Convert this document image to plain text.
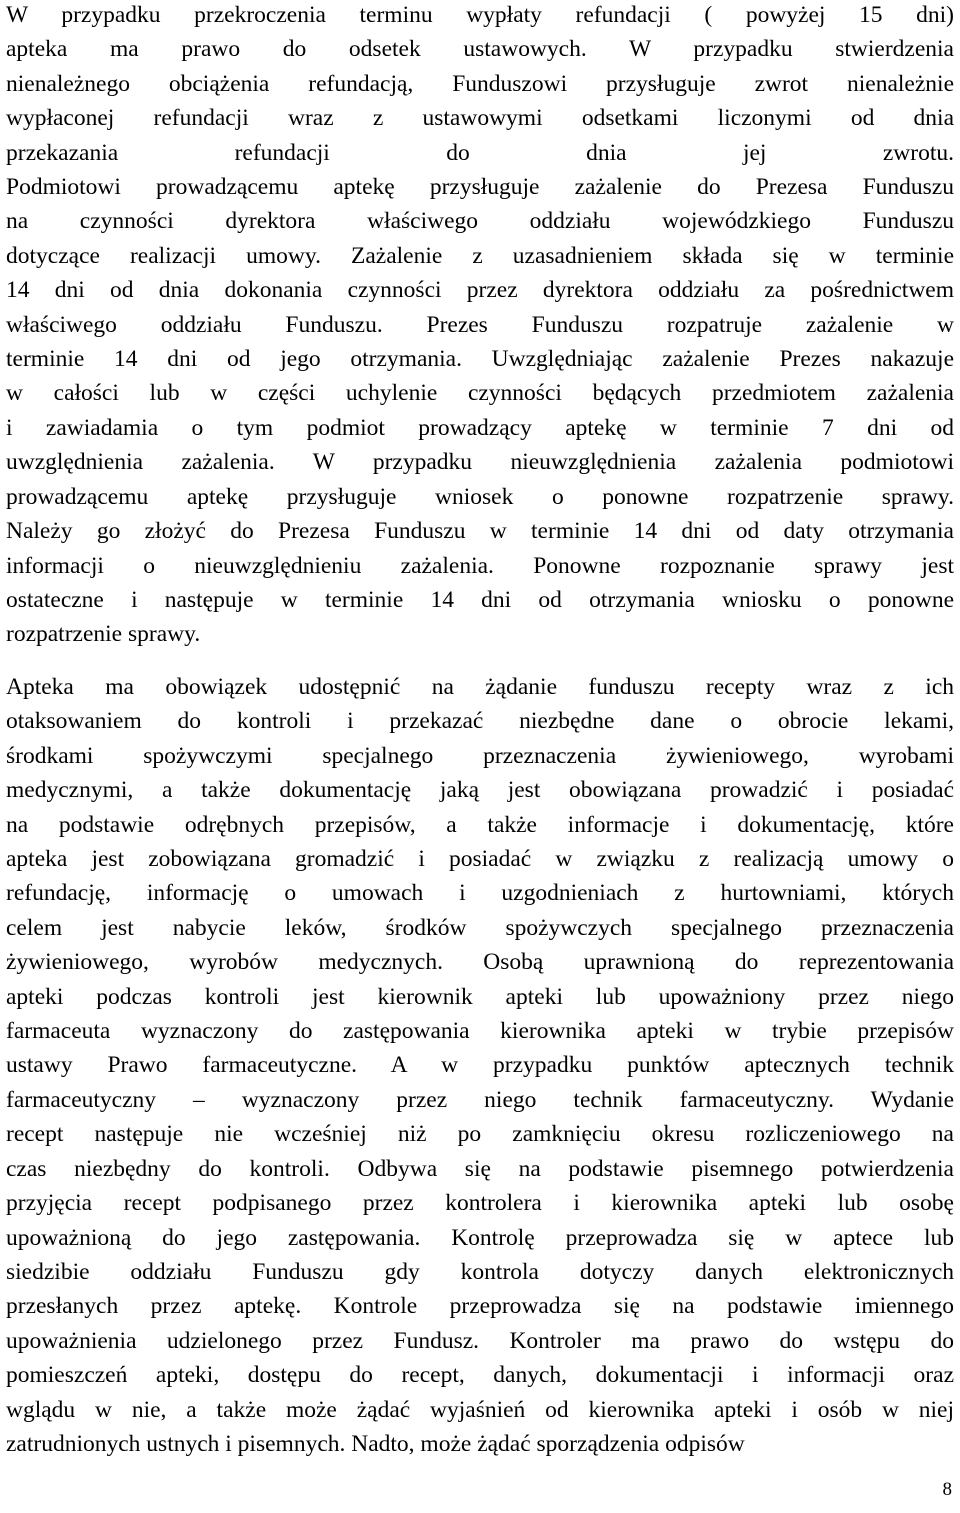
W przypadku przekroczenia terminu wypłaty refundacji ( powyżej 15 dni)
apteka ma prawo do odsetek ustawowych. W przypadku stwierdzenia
nienależnego obciążenia refundacją, Funduszowi przysługuje zwrot nienależnie
wypłaconej refundacji wraz z ustawowymi odsetkami liczonymi od dnia
przekazania refundacji do dnia jej zwrotu.
Podmiotowi prowadzącemu aptekę przysługuje zażalenie do Prezesa Funduszu
na czynności dyrektora właściwego oddziału wojewódzkiego Funduszu
dotyczące realizacji umowy. Zażalenie z uzasadnieniem składa się w terminie
14 dni od dnia dokonania czynności przez dyrektora oddziału za pośrednictwem
właściwego oddziału Funduszu. Prezes Funduszu rozpatruje zażalenie w
terminie 14 dni od jego otrzymania. Uwzględniając zażalenie Prezes nakazuje
w całości lub w części uchylenie czynności będących przedmiotem zażalenia
i zawiadamia o tym podmiot prowadzący aptekę w terminie 7 dni od
uwzględnienia zażalenia. W przypadku nieuwzględnienia zażalenia podmiotowi
prowadzącemu aptekę przysługuje wniosek o ponowne rozpatrzenie sprawy.
Należy go złożyć do Prezesa Funduszu w terminie 14 dni od daty otrzymania
informacji o nieuwzględnieniu zażalenia. Ponowne rozpoznanie sprawy jest
ostateczne i następuje w terminie 14 dni od otrzymania wniosku o ponowne
rozpatrzenie sprawy.
Apteka ma obowiązek udostępnić na żądanie funduszu recepty wraz z ich
otaksowaniem do kontroli i przekazać niezbędne dane o obrocie lekami,
środkami spożywczymi specjalnego przeznaczenia żywieniowego, wyrobami
medycznymi, a także dokumentację jaką jest obowiązana prowadzić i posiadać
na podstawie odrębnych przepisów, a także informacje i dokumentację, które
apteka jest zobowiązana gromadzić i posiadać w związku z realizacją umowy o
refundację, informację o umowach i uzgodnieniach z hurtowniami, których
celem jest nabycie leków, środków spożywczych specjalnego przeznaczenia
żywieniowego, wyrobów medycznych. Osobą uprawnioną do reprezentowania
apteki podczas kontroli jest kierownik apteki lub upoważniony przez niego
farmaceuta wyznaczony do zastępowania kierownika apteki w trybie przepisów
ustawy Prawo farmaceutyczne. A w przypadku punktów aptecznych technik
farmaceutyczny – wyznaczony przez niego technik farmaceutyczny. Wydanie
recept następuje nie wcześniej niż po zamknięciu okresu rozliczeniowego na
czas niezbędny do kontroli. Odbywa się na podstawie pisemnego potwierdzenia
przyjęcia recept podpisanego przez kontrolera i kierownika apteki lub osobę
upoważnioną do jego zastępowania. Kontrolę przeprowadza się w aptece lub
siedzibie oddziału Funduszu gdy kontrola dotyczy danych elektronicznych
przesłanych przez aptekę. Kontrole przeprowadza się na podstawie imiennego
upoważnienia udzielonego przez Fundusz. Kontroler ma prawo do wstępu do
pomieszczeń apteki, dostępu do recept, danych, dokumentacji i informacji oraz
wglądu w nie, a także może żądać wyjaśnień od kierownika apteki i osób w niej
zatrudnionych ustnych i pisemnych. Nadto, może żądać sporządzenia odpisów
8
